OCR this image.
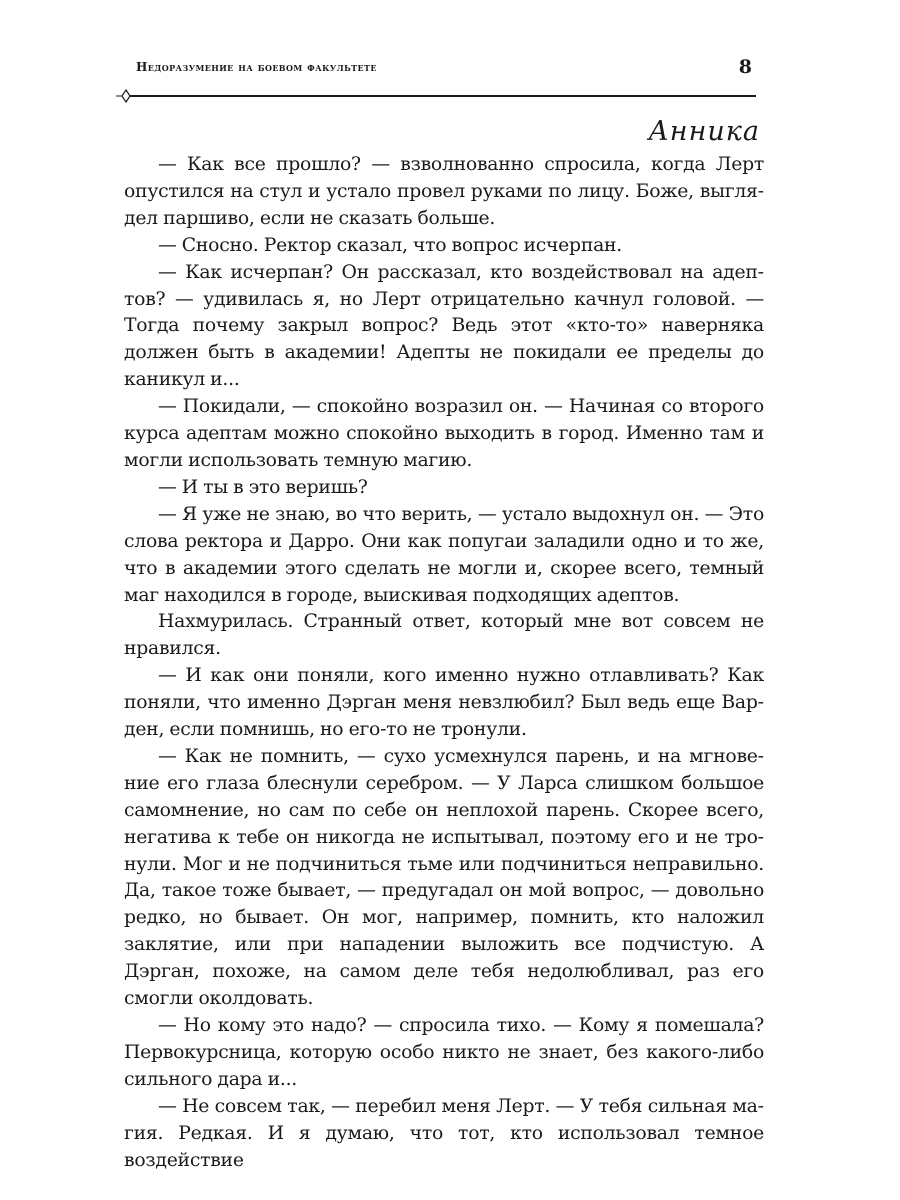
Недоразумение на боевом факультете	8
Анника

— Как все прошло? — взволнованно спросила, когда Лерт опустился на стул и устало провел руками по лицу. Боже, выглядел паршиво, если не сказать больше.

— Сносно. Ректор сказал, что вопрос исчерпан.

— Как исчерпан? Он рассказал, кто воздействовал на адептов? — удивилась я, но Лерт отрицательно качнул головой. — Тогда почему закрыл вопрос? Ведь этот «кто-то» наверняка должен быть в академии! Адепты не покидали ее пределы до каникул и...

— Покидали, — спокойно возразил он. — Начиная со второго курса адептам можно спокойно выходить в город. Именно там и могли использовать темную магию.

— И ты в это веришь?

— Я уже не знаю, во что верить, — устало выдохнул он. — Это слова ректора и Дарро. Они как попугаи заладили одно и то же, что в академии этого сделать не могли и, скорее всего, темный маг находился в городе, выискивая подходящих адептов.

Нахмурилась. Странный ответ, который мне вот совсем не нравился.

— И как они поняли, кого именно нужно отлавливать? Как поняли, что именно Дэрган меня невзлюбил? Был ведь еще Варден, если помнишь, но его-то не тронули.

— Как не помнить, — сухо усмехнулся парень, и на мгновение его глаза блеснули серебром. — У Ларса слишком большое самомнение, но сам по себе он неплохой парень. Скорее всего, негатива к тебе он никогда не испытывал, поэтому его и не тронули. Мог и не подчиниться тьме или подчиниться неправильно. Да, такое тоже бывает, — предугадал он мой вопрос, — довольно редко, но бывает. Он мог, например, помнить, кто наложил заклятие, или при нападении выложить все подчистую. А Дэрган, похоже, на самом деле тебя недолюбливал, раз его смогли околдовать.

— Но кому это надо? — спросила тихо. — Кому я помешала? Первокурсница, которую особо никто не знает, без какого-либо сильного дара и...

— Не совсем так, — перебил меня Лерт. — У тебя сильная магия. Редкая. И я думаю, что тот, кто использовал темное воздействие
